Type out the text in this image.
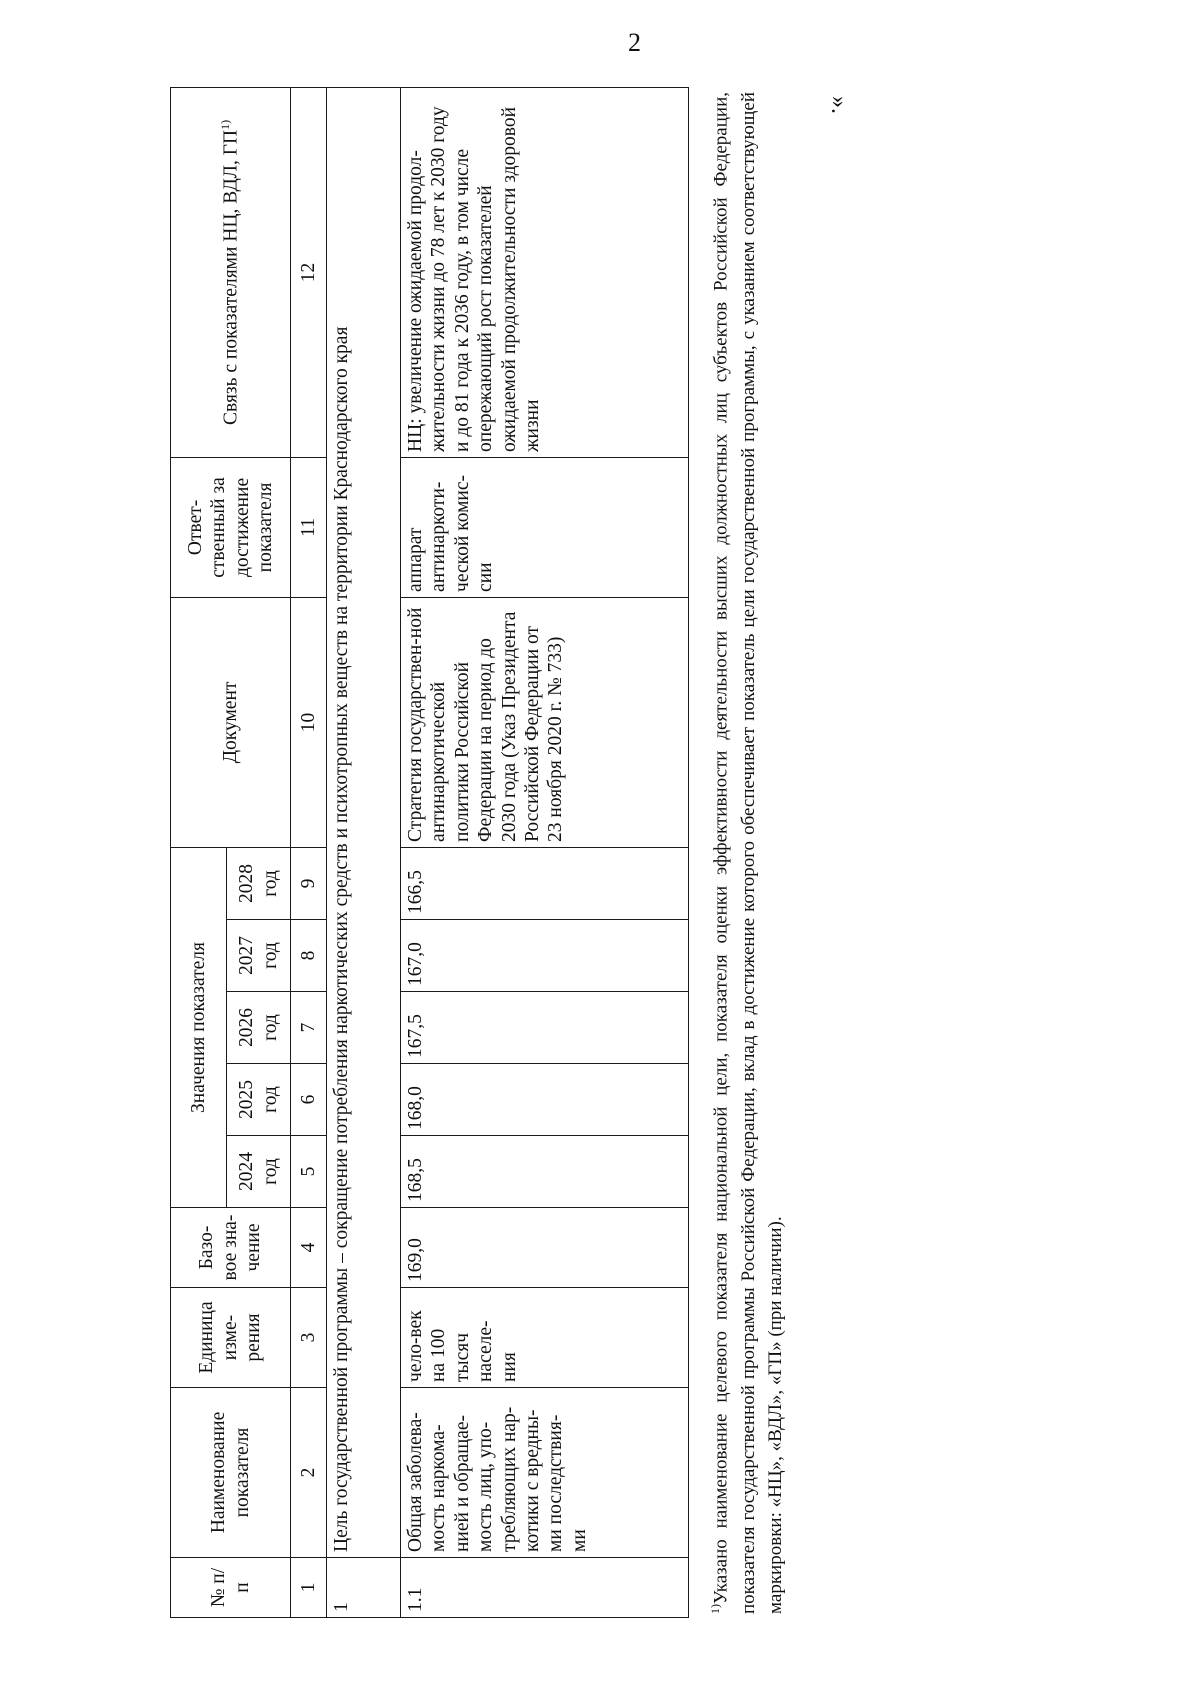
2
».
№ п/п	Наименование показателя	Единица изме-рения	Базо-вое зна-чение	Значения показателя					Документ	Ответ-ственный за достижение показателя	Связь с показателями НЦ, ВДЛ, ГП$^{1)}$
				2024 год	2025 год	2026 год	2027 год	2028 год			
1	2	3	4	5	6	7	8	9	10	11	12
1	Цель государственной программы – сокращение потребления наркотических средств и психотропных веществ на территории Краснодарского края										
1.1	Общая заболева-мость наркома-нией и обращае-мость лиц, упо-требляющих нар-котики с вредны-ми последствия-ми	чело-век на 100 тысяч населе-ния	169,0	168,5	168,0	167,5	167,0	166,5	Стратегия государствен-ной антинаркотической политики Российской Федерации на период до 2030 года (Указ Президента Российской Федерации от 23 ноября 2020 г. № 733)	аппарат антинаркоти-ческой комис-сии	НЦ: увеличение ожидаемой продол-жительности жизни до 78 лет к 2030 году и до 81 года к 2036 году, в том числе опережающий рост показателей ожидаемой продолжительности здоровой жизни
$^{1)}$Указано наименование целевого показателя национальной цели, показателя оценки эффективности деятельности высших должностных лиц субъектов Российской Федерации, показателя государственной программы Российской Федерации, вклад в достижение которого обеспечивает показатель цели государственной программы, с указанием соответствующей маркировки: «НЦ», «ВДЛ», «ГП» (при наличии).
